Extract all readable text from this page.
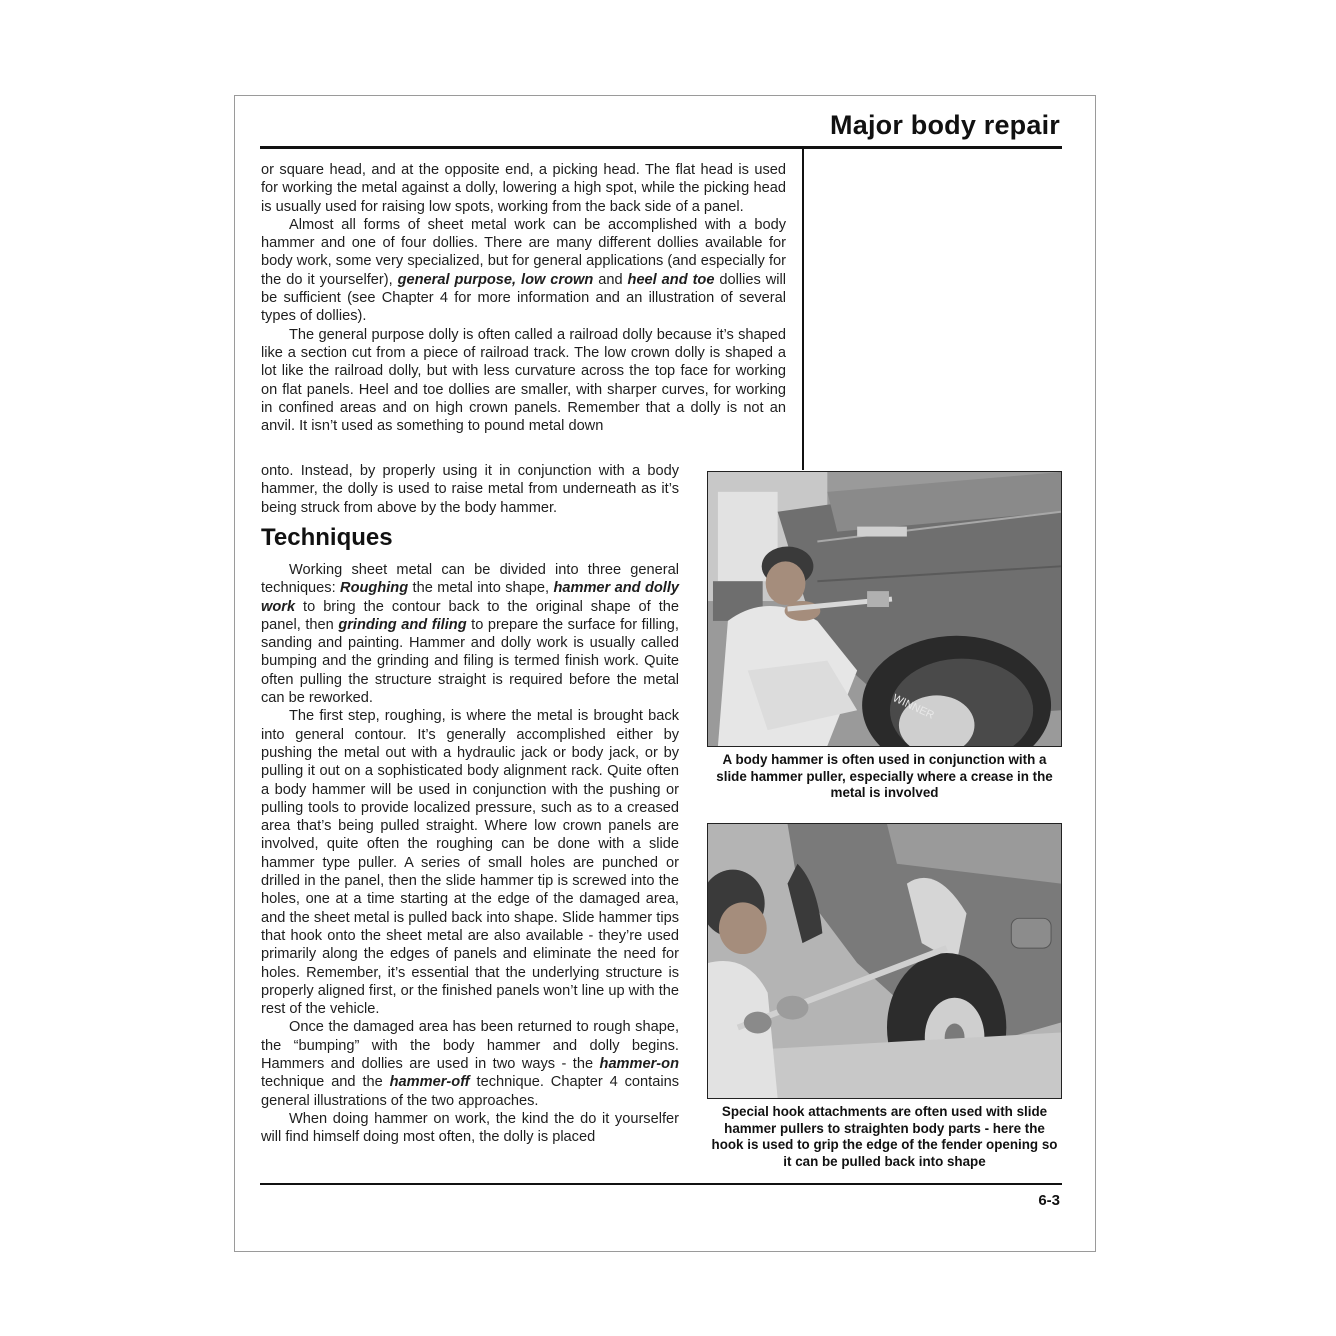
Major body repair

or square head, and at the opposite end, a picking head. The flat head is used for working the metal against a dolly, lowering a high spot, while the picking head is usually used for raising low spots, working from the back side of a panel.

Almost all forms of sheet metal work can be accomplished with a body hammer and one of four dollies. There are many different dollies available for body work, some very specialized, but for general applications (and especially for the do it yourselfer), general purpose, low crown and heel and toe dollies will be sufficient (see Chapter 4 for more information and an illustration of several types of dollies).

The general purpose dolly is often called a railroad dolly because it’s shaped like a section cut from a piece of railroad track. The low crown dolly is shaped a lot like the railroad dolly, but with less curvature across the top face for working on flat panels. Heel and toe dollies are smaller, with sharper curves, for working in confined areas and on high crown panels. Remember that a dolly is not an anvil. It isn’t used as something to pound metal down

onto. Instead, by properly using it in conjunction with a body hammer, the dolly is used to raise metal from underneath as it’s being struck from above by the body hammer.

Techniques

Working sheet metal can be divided into three general techniques: Roughing the metal into shape, hammer and dolly work to bring the contour back to the original shape of the panel, then grinding and filing to prepare the surface for filling, sanding and painting. Hammer and dolly work is usually called bumping and the grinding and filing is termed finish work. Quite often pulling the structure straight is required before the metal can be reworked.

The first step, roughing, is where the metal is brought back into general contour. It’s generally accomplished either by pushing the metal out with a hydraulic jack or body jack, or by pulling it out on a sophisticated body alignment rack. Quite often a body hammer will be used in conjunction with the pushing or pulling tools to provide localized pressure, such as to a creased area that’s being pulled straight. Where low crown panels are involved, quite often the roughing can be done with a slide hammer type puller. A series of small holes are punched or drilled in the panel, then the slide hammer tip is screwed into the holes, one at a time starting at the edge of the damaged area, and the sheet metal is pulled back into shape. Slide hammer tips that hook onto the sheet metal are also available - they’re used primarily along the edges of panels and eliminate the need for holes. Remember, it’s essential that the underlying structure is properly aligned first, or the finished panels won’t line up with the rest of the vehicle.

Once the damaged area has been returned to rough shape, the “bumping” with the body hammer and dolly begins. Hammers and dollies are used in two ways - the hammer-on technique and the hammer-off technique. Chapter 4 contains general illustrations of the two approaches.

When doing hammer on work, the kind the do it yourselfer will find himself doing most often, the dolly is placed

WINNER
A body hammer is often used in conjunction with a slide hammer puller, especially where a crease in the metal is involved
Special hook attachments are often used with slide hammer pullers to straighten body parts - here the hook is used to grip the edge of the fender opening so it can be pulled back into shape
6-3
